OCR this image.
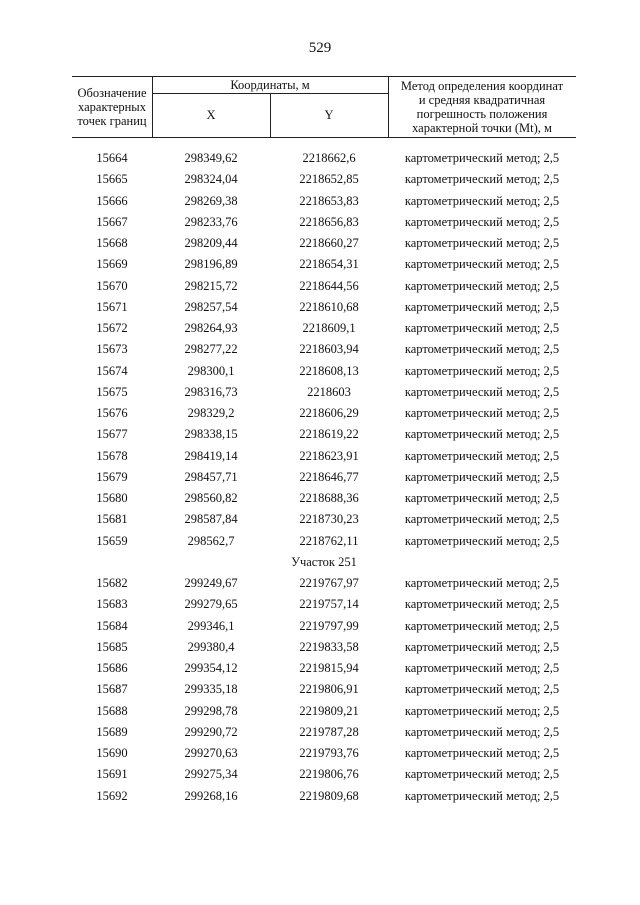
529
Обозначение
характерных
точек границ
Координаты, м
X	Y
Метод определения координат
и средняя квадратичная
погрешность положения
характерной точки (Mt), м
15664	298349,62	2218662,6	картометрический метод; 2,5
15665	298324,04	2218652,85	картометрический метод; 2,5
15666	298269,38	2218653,83	картометрический метод; 2,5
15667	298233,76	2218656,83	картометрический метод; 2,5
15668	298209,44	2218660,27	картометрический метод; 2,5
15669	298196,89	2218654,31	картометрический метод; 2,5
15670	298215,72	2218644,56	картометрический метод; 2,5
15671	298257,54	2218610,68	картометрический метод; 2,5
15672	298264,93	2218609,1	картометрический метод; 2,5
15673	298277,22	2218603,94	картометрический метод; 2,5
15674	298300,1	2218608,13	картометрический метод; 2,5
15675	298316,73	2218603	картометрический метод; 2,5
15676	298329,2	2218606,29	картометрический метод; 2,5
15677	298338,15	2218619,22	картометрический метод; 2,5
15678	298419,14	2218623,91	картометрический метод; 2,5
15679	298457,71	2218646,77	картометрический метод; 2,5
15680	298560,82	2218688,36	картометрический метод; 2,5
15681	298587,84	2218730,23	картометрический метод; 2,5
15659	298562,7	2218762,11	картометрический метод; 2,5
Участок 251
15682	299249,67	2219767,97	картометрический метод; 2,5
15683	299279,65	2219757,14	картометрический метод; 2,5
15684	299346,1	2219797,99	картометрический метод; 2,5
15685	299380,4	2219833,58	картометрический метод; 2,5
15686	299354,12	2219815,94	картометрический метод; 2,5
15687	299335,18	2219806,91	картометрический метод; 2,5
15688	299298,78	2219809,21	картометрический метод; 2,5
15689	299290,72	2219787,28	картометрический метод; 2,5
15690	299270,63	2219793,76	картометрический метод; 2,5
15691	299275,34	2219806,76	картометрический метод; 2,5
15692	299268,16	2219809,68	картометрический метод; 2,5
